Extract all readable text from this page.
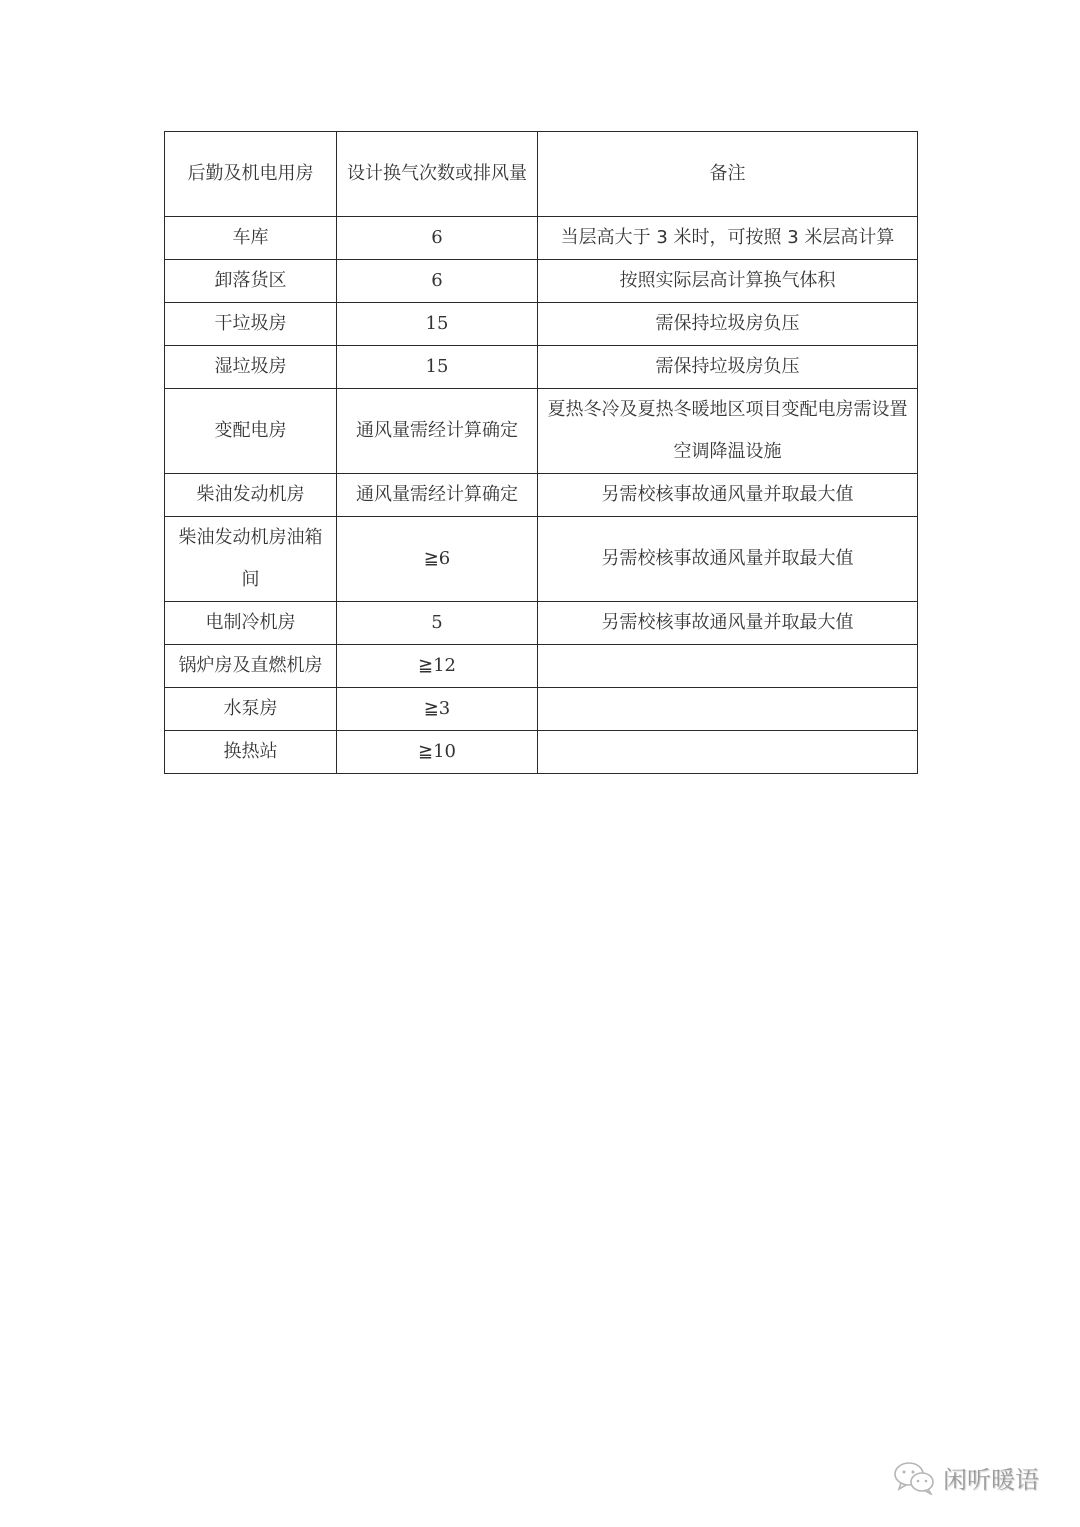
后勤及机电用房	设计换气次数或排风量	备注
车库	6	当层高大于 3 米时，可按照 3 米层高计算
卸落货区	6	按照实际层高计算换气体积
干垃圾房	15	需保持垃圾房负压
湿垃圾房	15	需保持垃圾房负压
变配电房	通风量需经计算确定	夏热冬冷及夏热冬暖地区项目变配电房需设置空调降温设施
柴油发动机房	通风量需经计算确定	另需校核事故通风量并取最大值
柴油发动机房油箱间	≧6	另需校核事故通风量并取最大值
电制冷机房	5	另需校核事故通风量并取最大值
锅炉房及直燃机房	≧12	
水泵房	≧3	
换热站	≧10	
闲听暖语
